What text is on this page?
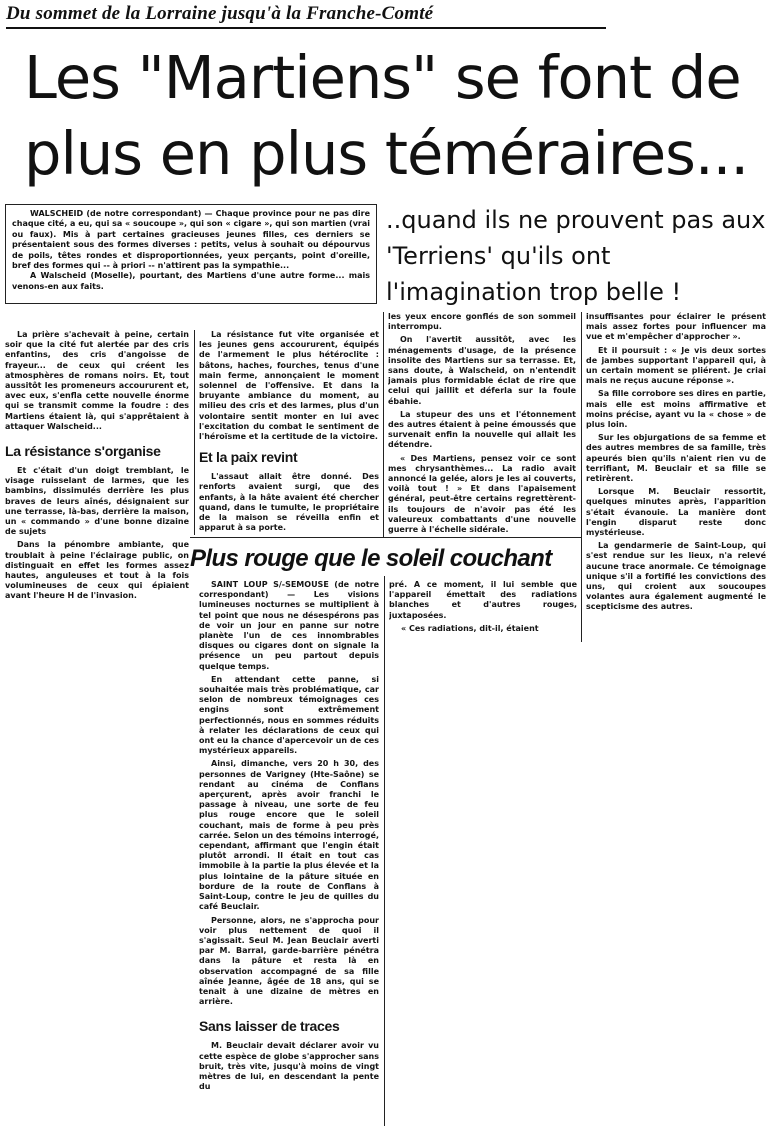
Du sommet de la Lorraine jusqu'à la Franche-Comté
Les "Martiens" se font de plus en plus téméraires...
WALSCHEID (de notre correspondant) — Chaque province pour ne pas dire chaque cité, a eu, qui sa « soucoupe », qui son « cigare », qui son martien (vrai ou faux). Mis à part certaines gracieuses jeunes filles, ces derniers se présentaient sous des formes diverses : petits, velus à souhait ou dépourvus de poils, têtes rondes et disproportionnées, yeux perçants, point d'oreille, bref des formes qui -- à priori -- n'attirent pas la sympathie...
A Walscheid (Moselle), pourtant, des Martiens d'une autre forme... mais venons-en aux faits.
..quand ils ne prouvent pas aux 'Terriens' qu'ils ont l'imagination trop belle !

La prière s'achevait à peine, certain soir que la cité fut alertée par des cris enfantins, des cris d'angoisse de frayeur... de ceux qui créent les atmosphères de romans noirs. Et, tout aussitôt les promeneurs accoururent et, avec eux, s'enfla cette nouvelle énorme qui se transmit comme la foudre : des Martiens étaient là, qui s'apprêtaient à attaquer Walscheid...

La résistance s'organise

Et c'était d'un doigt tremblant, le visage ruisselant de larmes, que les bambins, dissimulés derrière les plus braves de leurs aînés, désignaient sur une terrasse, là-bas, derrière la maison, un « commando » d'une bonne dizaine de sujets

Dans la pénombre ambiante, que troublait à peine l'éclairage public, on distinguait en effet les formes assez hautes, anguleuses et tout à la fois volumineuses de ceux qui épiaient avant l'heure H de l'invasion.

La résistance fut vite organisée et les jeunes gens accoururent, équipés de l'armement le plus hétéroclite : bâtons, haches, fourches, tenus d'une main ferme, annonçaient le moment solennel de l'offensive. Et dans la bruyante ambiance du moment, au milieu des cris et des larmes, plus d'un volontaire sentit monter en lui avec l'excitation du combat le sentiment de l'héroïsme et la certitude de la victoire.

Et la paix revint

L'assaut allait être donné. Des renforts avaient surgi, que des enfants, à la hâte avaient été chercher quand, dans le tumulte, le propriétaire de la maison se réveilla enfin et apparut à sa porte.

les yeux encore gonflés de son sommeil interrompu.

On l'avertit aussitôt, avec les ménagements d'usage, de la présence insolite des Martiens sur sa terrasse. Et, sans doute, à Walscheid, on n'entendit jamais plus formidable éclat de rire que celui qui jaillit et déferla sur la foule ébahie.

La stupeur des uns et l'étonnement des autres étaient à peine émoussés que survenait enfin la nouvelle qui allait les détendre.

« Des Martiens, pensez voir ce sont mes chrysanthèmes... La radio avait annoncé la gelée, alors je les ai couverts, voilà tout ! » Et dans l'apaisement général, peut-être certains regrettèrent-ils toujours de n'avoir pas été les valeureux combattants d'une nouvelle guerre à l'échelle sidérale.

insuffisantes pour éclairer le présent mais assez fortes pour influencer ma vue et m'empêcher d'approcher ».

Et il poursuit : « Je vis deux sortes de jambes supportant l'appareil qui, à un certain moment se pliérent. Je criai mais ne reçus aucune réponse ».

Sa fille corrobore ses dires en partie, mais elle est moins affirmative et moins précise, ayant vu la « chose » de plus loin.

Sur les objurgations de sa femme et des autres membres de sa famille, très apeurés bien qu'ils n'aient rien vu de terrifiant, M. Beuclair et sa fille se retirèrent.

Lorsque M. Beuclair ressortit, quelques minutes après, l'apparition s'était évanouie. La manière dont l'engin disparut reste donc mystérieuse.

La gendarmerie de Saint-Loup, qui s'est rendue sur les lieux, n'a relevé aucune trace anormale. Ce témoignage unique s'il a fortifié les convictions des uns, qui croient aux soucoupes volantes aura également augmenté le scepticisme des autres.

Plus rouge que le soleil couchant

SAINT LOUP S/-SEMOUSE (de notre correspondant) — Les visions lumineuses nocturnes se multiplient à tel point que nous ne désespérons pas de voir un jour en panne sur notre planète l'un de ces innombrables disques ou cigares dont on signale la présence un peu partout depuis quelque temps.

En attendant cette panne, si souhaitée mais très problématique, car selon de nombreux témoignages ces engins sont extrêmement perfectionnés, nous en sommes réduits à relater les déclarations de ceux qui ont eu la chance d'apercevoir un de ces mystérieux appareils.

Ainsi, dimanche, vers 20 h 30, des personnes de Varigney (Hte-Saône) se rendant au cinéma de Conflans aperçurent, après avoir franchi le passage à niveau, une sorte de feu plus rouge encore que le soleil couchant, mais de forme à peu près carrée. Selon un des témoins interrogé, cependant, affirmant que l'engin était plutôt arrondi. Il était en tout cas immobile à la partie la plus élevée et la plus lointaine de la pâture située en bordure de la route de Conflans à Saint-Loup, contre le jeu de quilles du café Beuclair.

Personne, alors, ne s'approcha pour voir plus nettement de quoi il s'agissait. Seul M. Jean Beuclair averti par M. Barral, garde-barrière pénétra dans la pâture et resta là en observation accompagné de sa fille aînée Jeanne, âgée de 18 ans, qui se tenait à une dizaine de mètres en arrière.

Sans laisser de traces

M. Beuclair devait déclarer avoir vu cette espèce de globe s'approcher sans bruit, très vite, jusqu'à moins de vingt mètres de lui, en descendant la pente du

pré. A ce moment, il lui semble que l'appareil émettait des radiations blanches et d'autres rouges, juxtaposées.

« Ces radiations, dit-il, étaient
